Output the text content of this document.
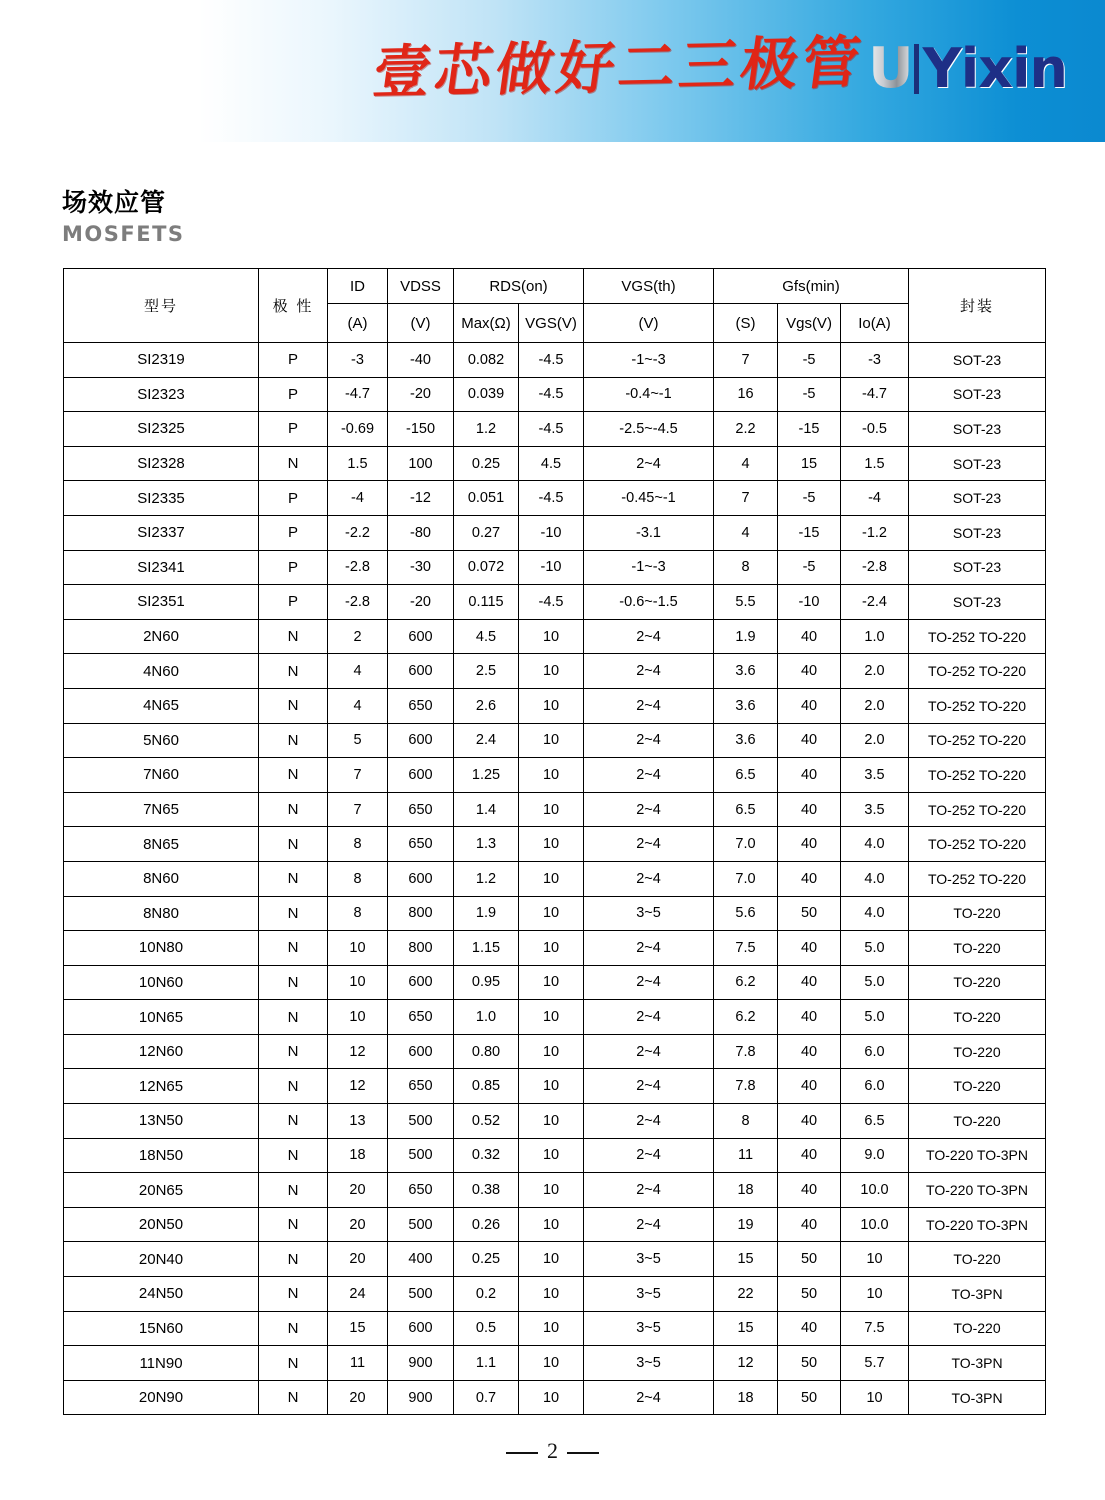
壹芯做好二三极管 U Yixin
场效应管
MOSFETS
型号	极 性	ID	VDSS	RDS(on)		VGS(th)	Gfs(min)			封装
		(A)	(V)	Max(Ω)	VGS(V)	(V)	(S)	Vgs(V)	Io(A)	
SI2319	P	-3	-40	0.082	-4.5	-1~-3	7	-5	-3	SOT-23
SI2323	P	-4.7	-20	0.039	-4.5	-0.4~-1	16	-5	-4.7	SOT-23
SI2325	P	-0.69	-150	1.2	-4.5	-2.5~-4.5	2.2	-15	-0.5	SOT-23
SI2328	N	1.5	100	0.25	4.5	2~4	4	15	1.5	SOT-23
SI2335	P	-4	-12	0.051	-4.5	-0.45~-1	7	-5	-4	SOT-23
SI2337	P	-2.2	-80	0.27	-10	-3.1	4	-15	-1.2	SOT-23
SI2341	P	-2.8	-30	0.072	-10	-1~-3	8	-5	-2.8	SOT-23
SI2351	P	-2.8	-20	0.115	-4.5	-0.6~-1.5	5.5	-10	-2.4	SOT-23
2N60	N	2	600	4.5	10	2~4	1.9	40	1.0	TO-252 TO-220
4N60	N	4	600	2.5	10	2~4	3.6	40	2.0	TO-252 TO-220
4N65	N	4	650	2.6	10	2~4	3.6	40	2.0	TO-252 TO-220
5N60	N	5	600	2.4	10	2~4	3.6	40	2.0	TO-252 TO-220
7N60	N	7	600	1.25	10	2~4	6.5	40	3.5	TO-252 TO-220
7N65	N	7	650	1.4	10	2~4	6.5	40	3.5	TO-252 TO-220
8N65	N	8	650	1.3	10	2~4	7.0	40	4.0	TO-252 TO-220
8N60	N	8	600	1.2	10	2~4	7.0	40	4.0	TO-252 TO-220
8N80	N	8	800	1.9	10	3~5	5.6	50	4.0	TO-220
10N80	N	10	800	1.15	10	2~4	7.5	40	5.0	TO-220
10N60	N	10	600	0.95	10	2~4	6.2	40	5.0	TO-220
10N65	N	10	650	1.0	10	2~4	6.2	40	5.0	TO-220
12N60	N	12	600	0.80	10	2~4	7.8	40	6.0	TO-220
12N65	N	12	650	0.85	10	2~4	7.8	40	6.0	TO-220
13N50	N	13	500	0.52	10	2~4	8	40	6.5	TO-220
18N50	N	18	500	0.32	10	2~4	11	40	9.0	TO-220 TO-3PN
20N65	N	20	650	0.38	10	2~4	18	40	10.0	TO-220 TO-3PN
20N50	N	20	500	0.26	10	2~4	19	40	10.0	TO-220 TO-3PN
20N40	N	20	400	0.25	10	3~5	15	50	10	TO-220
24N50	N	24	500	0.2	10	3~5	22	50	10	TO-3PN
15N60	N	15	600	0.5	10	3~5	15	40	7.5	TO-220
11N90	N	11	900	1.1	10	3~5	12	50	5.7	TO-3PN
20N90	N	20	900	0.7	10	2~4	18	50	10	TO-3PN
2
